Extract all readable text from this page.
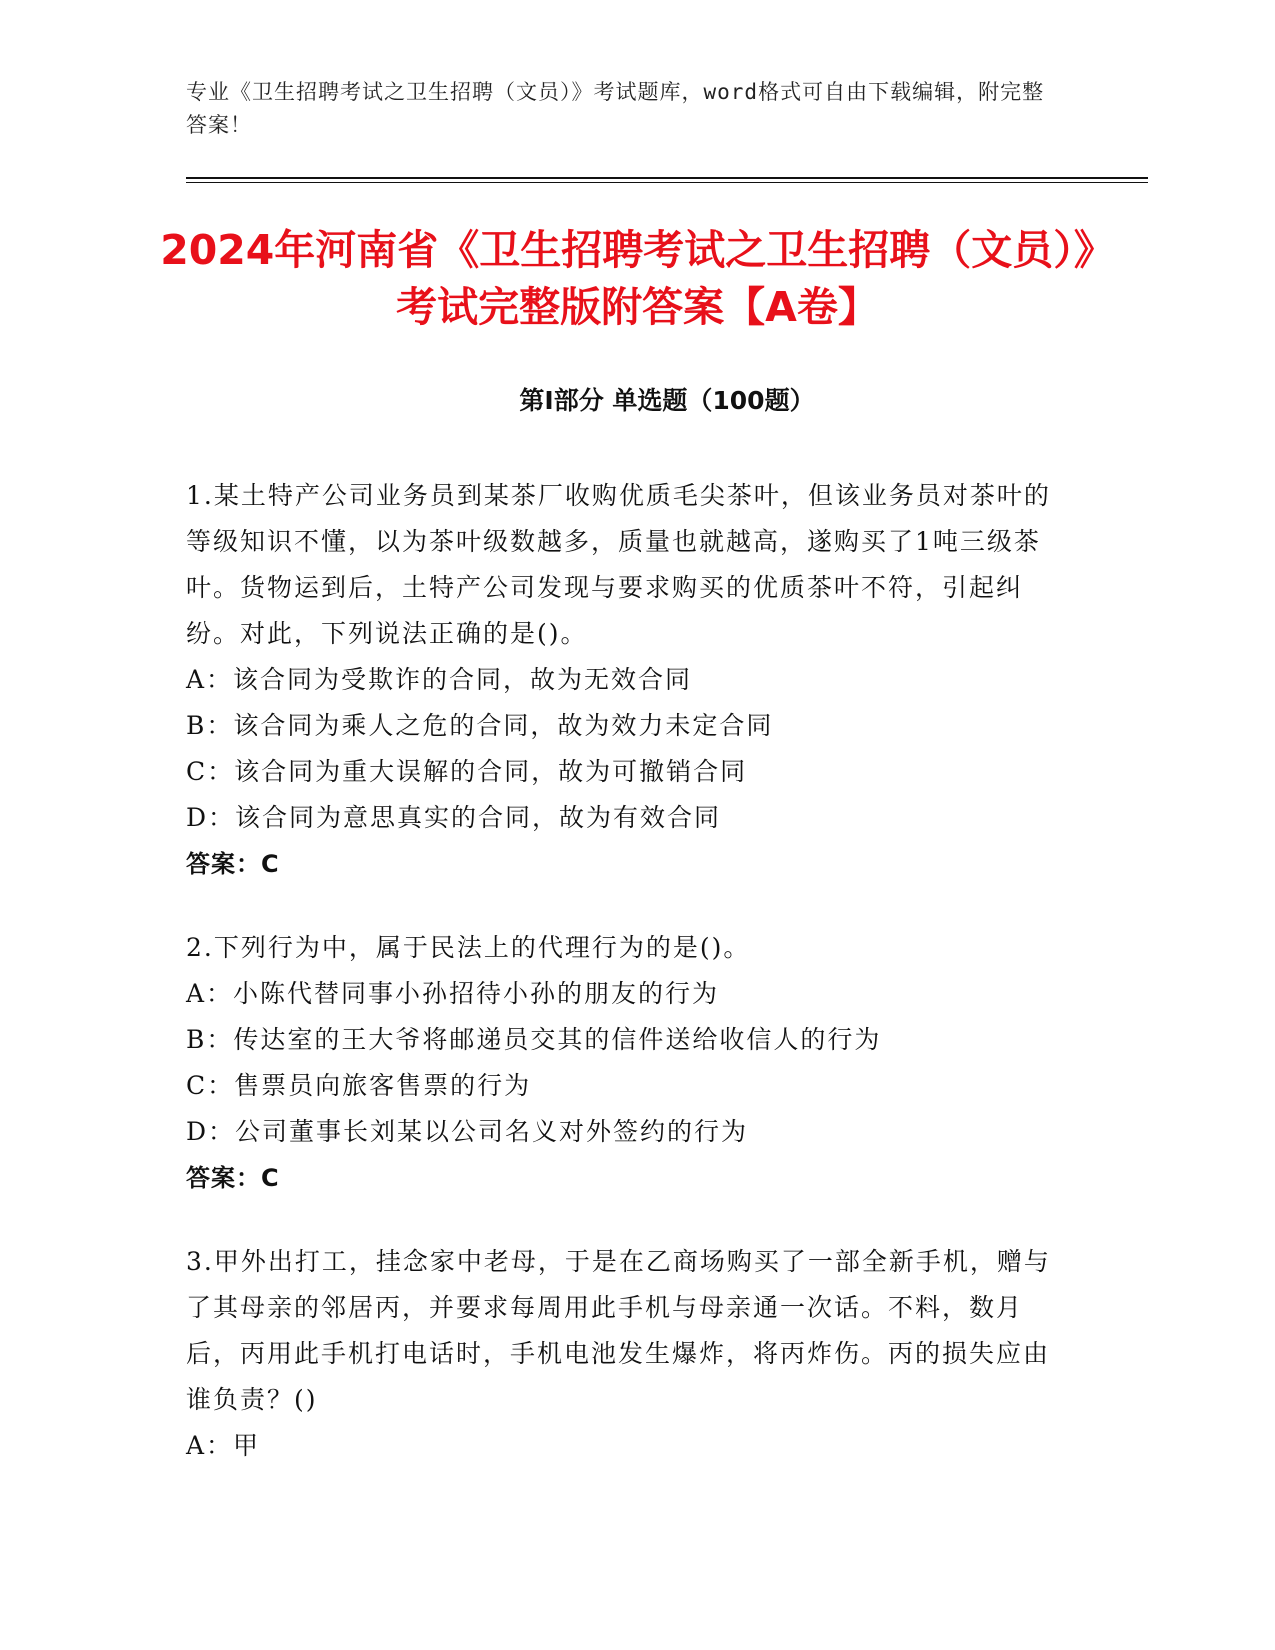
专业《卫生招聘考试之卫生招聘（文员）》考试题库，word格式可自由下载编辑，附完整答案！
2024年河南省《卫生招聘考试之卫生招聘（文员）》考试完整版附答案【A卷】
第I部分 单选题（100题）
1.某土特产公司业务员到某茶厂收购优质毛尖茶叶，但该业务员对茶叶的等级知识不懂，以为茶叶级数越多，质量也就越高，遂购买了1吨三级茶叶。货物运到后，土特产公司发现与要求购买的优质茶叶不符，引起纠纷。对此，下列说法正确的是()。
A：该合同为受欺诈的合同，故为无效合同
B：该合同为乘人之危的合同，故为效力未定合同
C：该合同为重大误解的合同，故为可撤销合同
D：该合同为意思真实的合同，故为有效合同
答案：C
2.下列行为中，属于民法上的代理行为的是()。
A：小陈代替同事小孙招待小孙的朋友的行为
B：传达室的王大爷将邮递员交其的信件送给收信人的行为
C：售票员向旅客售票的行为
D：公司董事长刘某以公司名义对外签约的行为
答案：C
3.甲外出打工，挂念家中老母，于是在乙商场购买了一部全新手机，赠与了其母亲的邻居丙，并要求每周用此手机与母亲通一次话。不料，数月后，丙用此手机打电话时，手机电池发生爆炸，将丙炸伤。丙的损失应由谁负责？()
A：甲
